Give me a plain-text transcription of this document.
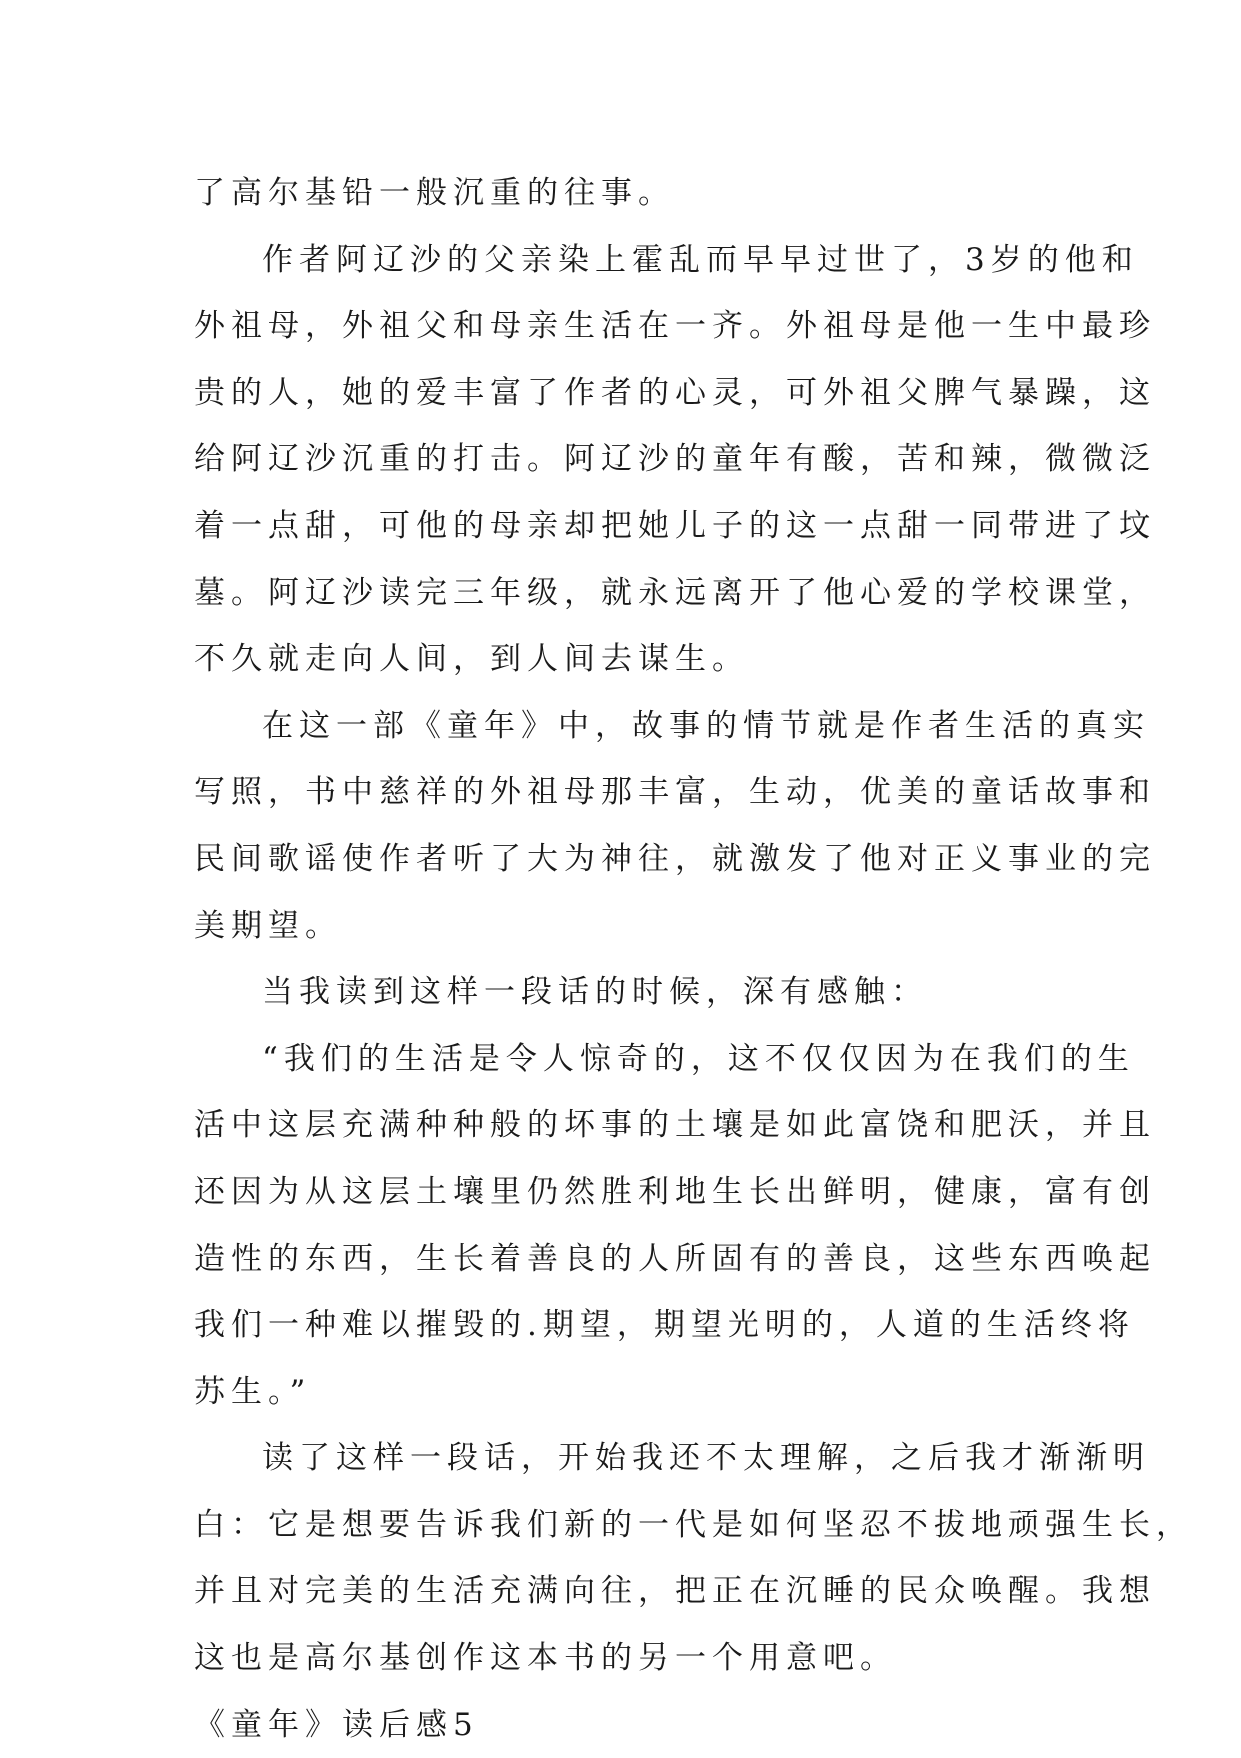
了高尔基铅一般沉重的往事。
作者阿辽沙的父亲染上霍乱而早早过世了，3岁的他和
外祖母，外祖父和母亲生活在一齐。外祖母是他一生中最珍
贵的人，她的爱丰富了作者的心灵，可外祖父脾气暴躁，这
给阿辽沙沉重的打击。阿辽沙的童年有酸，苦和辣，微微泛
着一点甜，可他的母亲却把她儿子的这一点甜一同带进了坟
墓。阿辽沙读完三年级，就永远离开了他心爱的学校课堂，
不久就走向人间，到人间去谋生。
在这一部《童年》中，故事的情节就是作者生活的真实
写照，书中慈祥的外祖母那丰富，生动，优美的童话故事和
民间歌谣使作者听了大为神往，就激发了他对正义事业的完
美期望。
当我读到这样一段话的时候，深有感触：
“我们的生活是令人惊奇的，这不仅仅因为在我们的生
活中这层充满种种般的坏事的土壤是如此富饶和肥沃，并且
还因为从这层土壤里仍然胜利地生长出鲜明，健康，富有创
造性的东西，生长着善良的人所固有的善良，这些东西唤起
我们一种难以摧毁的.期望，期望光明的，人道的生活终将
苏生。”
读了这样一段话，开始我还不太理解，之后我才渐渐明
白：它是想要告诉我们新的一代是如何坚忍不拔地顽强生长，
并且对完美的生活充满向往，把正在沉睡的民众唤醒。我想
这也是高尔基创作这本书的另一个用意吧。
《童年》读后感5
